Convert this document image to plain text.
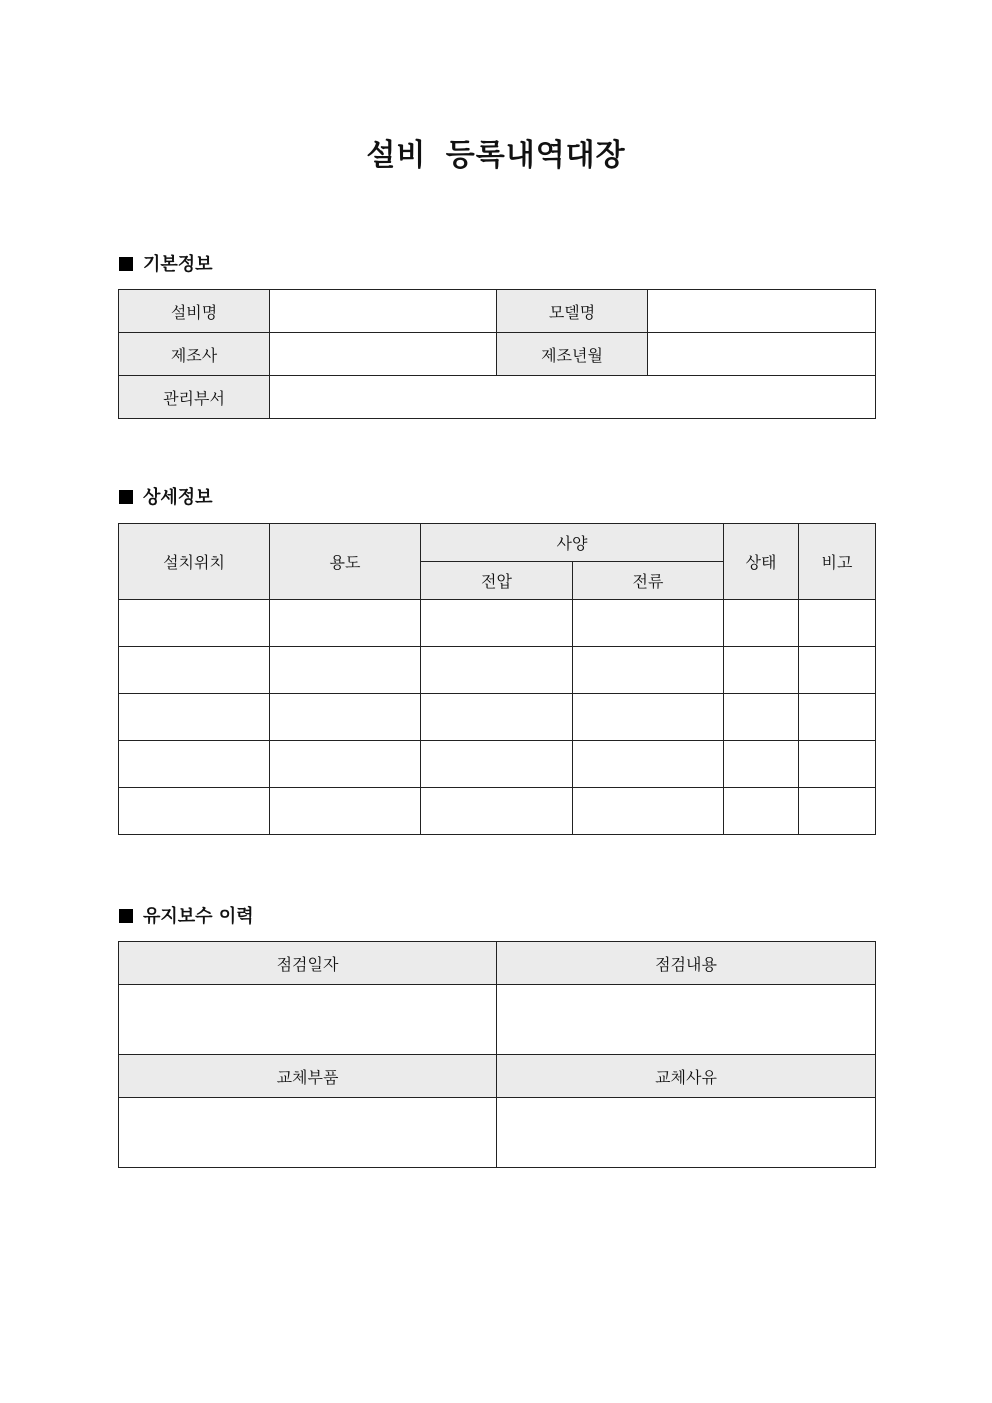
설비 등록내역대장
기본정보
설비명		모델명	
제조사		제조년월	
관리부서			
상세정보
설치위치	용도	사양		상태	비고
		전압	전류		

유지보수 이력
점검일자	점검내용

교체부품	교체사유
